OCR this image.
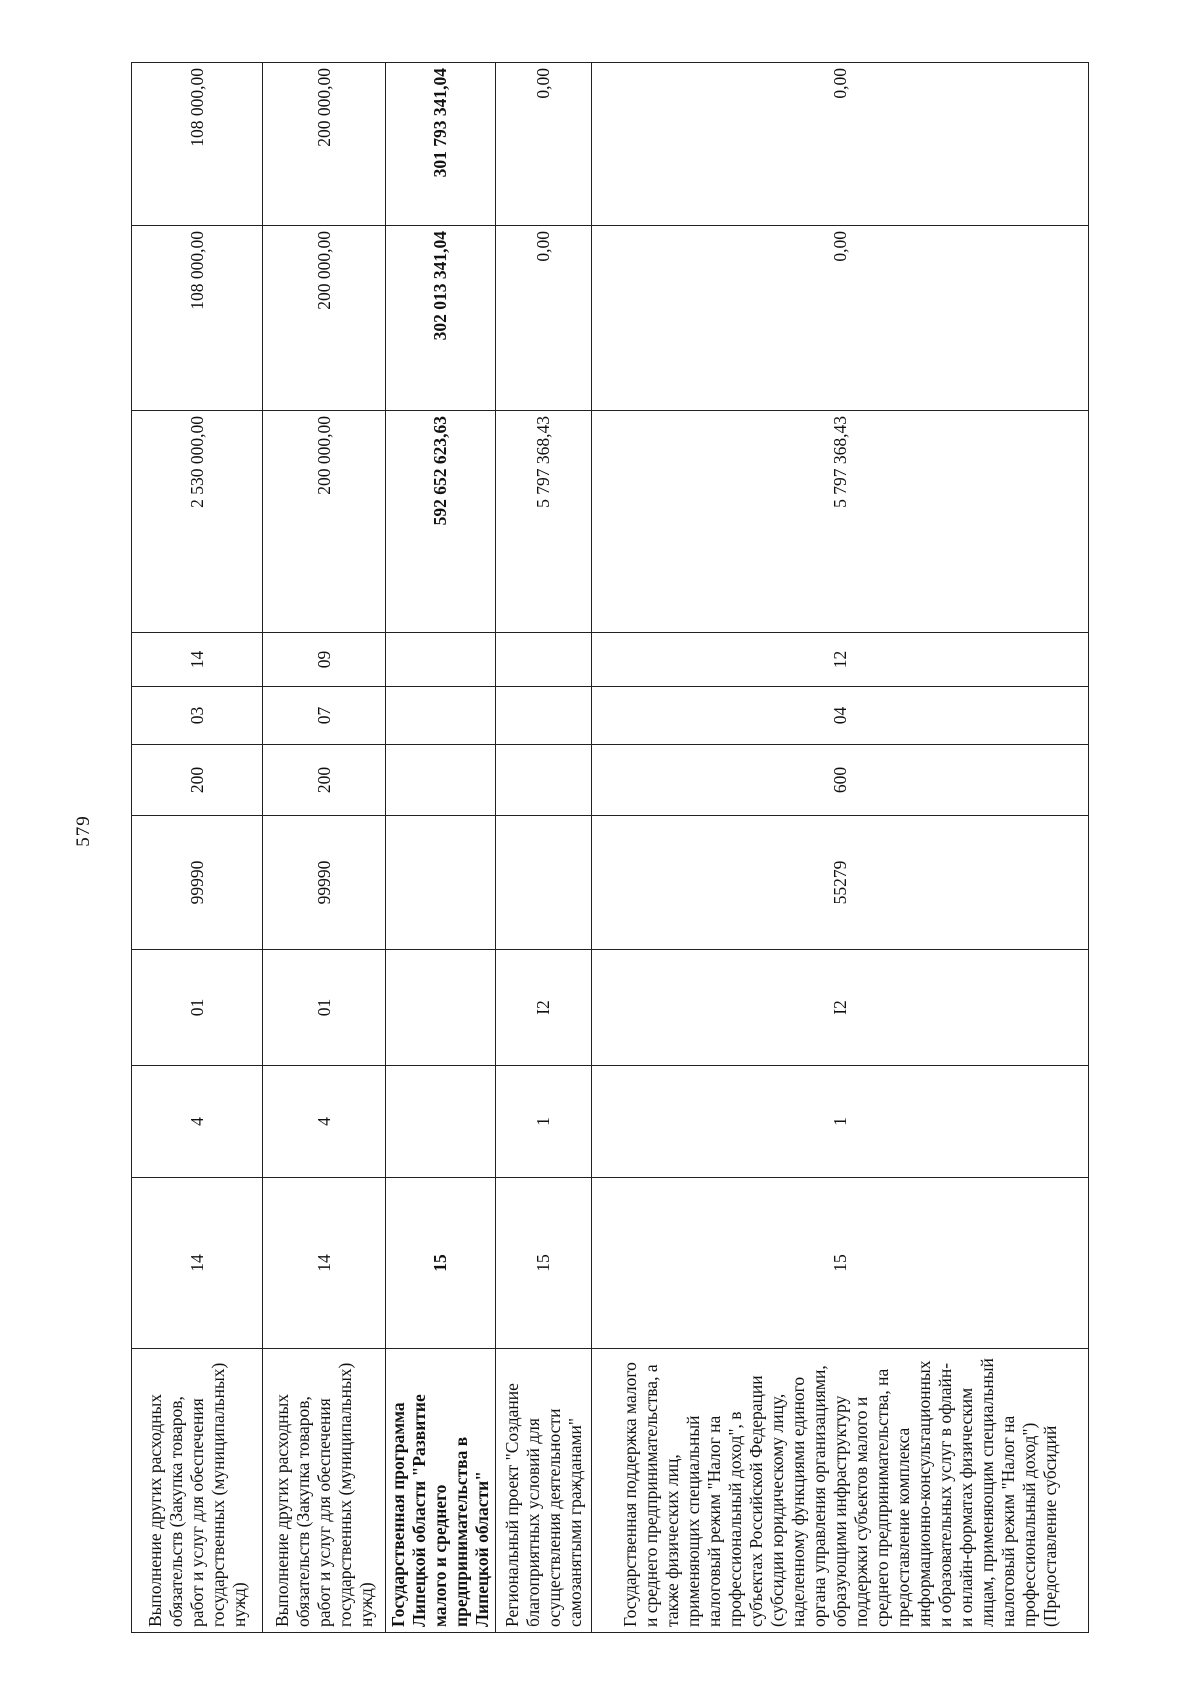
579
Выполнение других расходных обязательств (Закупка товаров, работ и услуг для обеспечения государственных (муниципальных) нужд)	14	4	01	99990	200	03	14	2 530 000,00	108 000,00	108 000,00
Выполнение других расходных обязательств (Закупка товаров, работ и услуг для обеспечения государственных (муниципальных) нужд)	14	4	01	99990	200	07	09	200 000,00	200 000,00	200 000,00
Государственная программа Липецкой области "Развитие малого и среднего предпринимательства в Липецкой области"	15							592 652 623,63	302 013 341,04	301 793 341,04
Региональный проект "Создание благоприятных условий для осуществления деятельности самозанятыми гражданами"	15	1	I2					5 797 368,43	0,00	0,00
Государственная поддержка малого и среднего предпринимательства, а также физических лиц, применяющих специальный налоговый режим "Налог на профессиональный доход", в субъектах Российской Федерации (субсидии юридическому лицу, наделенному функциями единого органа управления организациями, образующими инфраструктуру поддержки субъектов малого и среднего предпринимательства, на предоставление комплекса информационно-консультационных и образовательных услуг в офлайн- и онлайн-форматах физическим лицам, применяющим специальный налоговый режим "Налог на профессиональный доход") (Предоставление субсидий	15	1	I2	55279	600	04	12	5 797 368,43	0,00	0,00
